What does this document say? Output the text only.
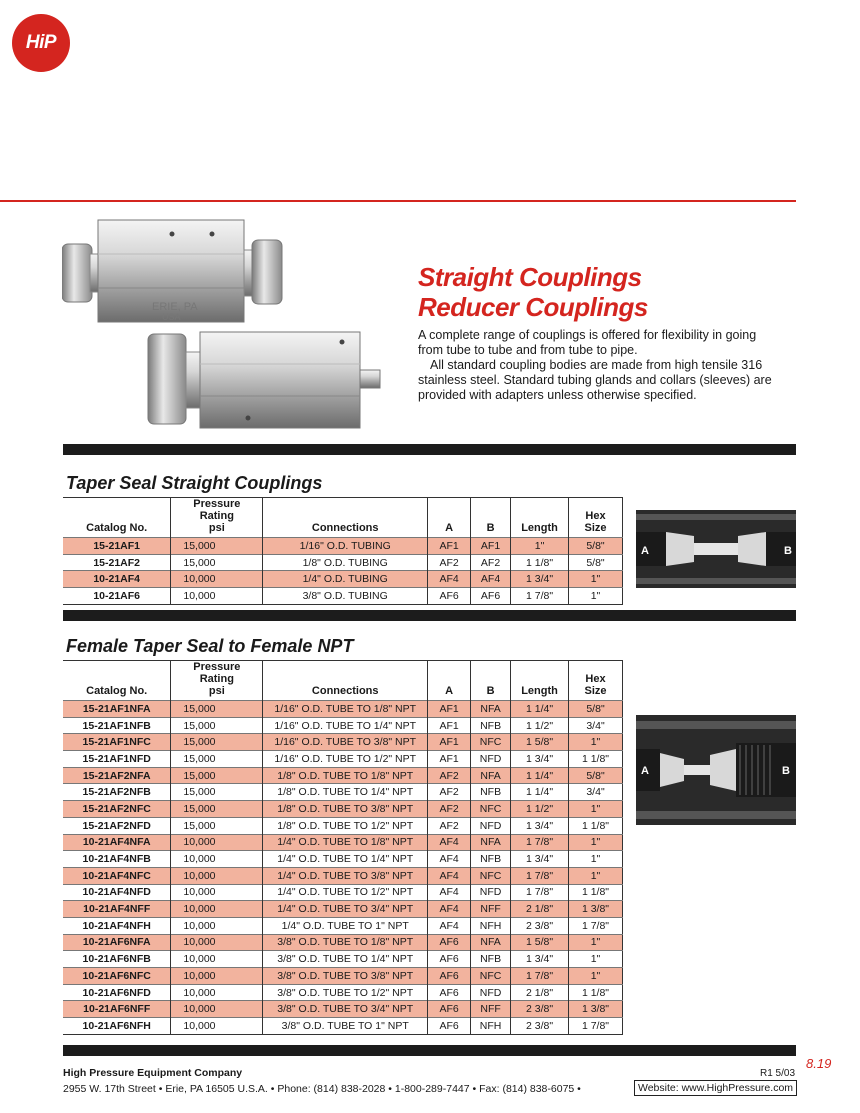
HiP
ERIE, PA
USA
Straight Couplings
Reducer Couplings

A complete range of couplings is offered for flexibility in going from tube to tube and from tube to pipe.

All standard coupling bodies are made from high tensile 316 stainless steel. Standard tubing glands and collars (sleeves) are provided with adapters unless otherwise specified.

Taper Seal Straight Couplings
Catalog No.	Pressure
Rating
psi	Connections	A	B	Length	Hex
Size
15-21AF1	15,000	1/16" O.D. TUBING	AF1	AF1	1"	5/8"
15-21AF2	15,000	1/8" O.D. TUBING	AF2	AF2	1 1/8"	5/8"
10-21AF4	10,000	1/4" O.D. TUBING	AF4	AF4	1 3/4"	1"
10-21AF6	10,000	3/8" O.D. TUBING	AF6	AF6	1 7/8"	1"
A	B
Female Taper Seal to Female NPT
Catalog No.	Pressure
Rating
psi	Connections	A	B	Length	Hex
Size
15-21AF1NFA	15,000	1/16" O.D. TUBE TO 1/8" NPT	AF1	NFA	1 1/4"	5/8"
15-21AF1NFB	15,000	1/16" O.D. TUBE TO 1/4" NPT	AF1	NFB	1 1/2"	3/4"
15-21AF1NFC	15,000	1/16" O.D. TUBE TO 3/8" NPT	AF1	NFC	1 5/8"	1"
15-21AF1NFD	15,000	1/16" O.D. TUBE TO 1/2" NPT	AF1	NFD	1 3/4"	1 1/8"
15-21AF2NFA	15,000	1/8" O.D. TUBE TO 1/8" NPT	AF2	NFA	1 1/4"	5/8"
15-21AF2NFB	15,000	1/8" O.D. TUBE TO 1/4" NPT	AF2	NFB	1 1/4"	3/4"
15-21AF2NFC	15,000	1/8" O.D. TUBE TO 3/8" NPT	AF2	NFC	1 1/2"	1"
15-21AF2NFD	15,000	1/8" O.D. TUBE TO 1/2" NPT	AF2	NFD	1 3/4"	1 1/8"
10-21AF4NFA	10,000	1/4" O.D. TUBE TO 1/8" NPT	AF4	NFA	1 7/8"	1"
10-21AF4NFB	10,000	1/4" O.D. TUBE TO 1/4" NPT	AF4	NFB	1 3/4"	1"
10-21AF4NFC	10,000	1/4" O.D. TUBE TO 3/8" NPT	AF4	NFC	1 7/8"	1"
10-21AF4NFD	10,000	1/4" O.D. TUBE TO 1/2" NPT	AF4	NFD	1 7/8"	1 1/8"
10-21AF4NFF	10,000	1/4" O.D. TUBE TO 3/4" NPT	AF4	NFF	2 1/8"	1 3/8"
10-21AF4NFH	10,000	1/4" O.D. TUBE TO 1" NPT	AF4	NFH	2 3/8"	1 7/8"
10-21AF6NFA	10,000	3/8" O.D. TUBE TO 1/8" NPT	AF6	NFA	1 5/8"	1"
10-21AF6NFB	10,000	3/8" O.D. TUBE TO 1/4" NPT	AF6	NFB	1 3/4"	1"
10-21AF6NFC	10,000	3/8" O.D. TUBE TO 3/8" NPT	AF6	NFC	1 7/8"	1"
10-21AF6NFD	10,000	3/8" O.D. TUBE TO 1/2" NPT	AF6	NFD	2 1/8"	1 1/8"
10-21AF6NFF	10,000	3/8" O.D. TUBE TO 3/4" NPT	AF6	NFF	2 3/8"	1 3/8"
10-21AF6NFH	10,000	3/8" O.D. TUBE TO 1" NPT	AF6	NFH	2 3/8"	1 7/8"
A	B
8.19
High Pressure Equipment Company	R1 5/03
2955 W. 17th Street • Erie, PA 16505 U.S.A. • Phone: (814) 838-2028 • 1-800-289-7447 • Fax: (814) 838-6075 •	Website: www.HighPressure.com
